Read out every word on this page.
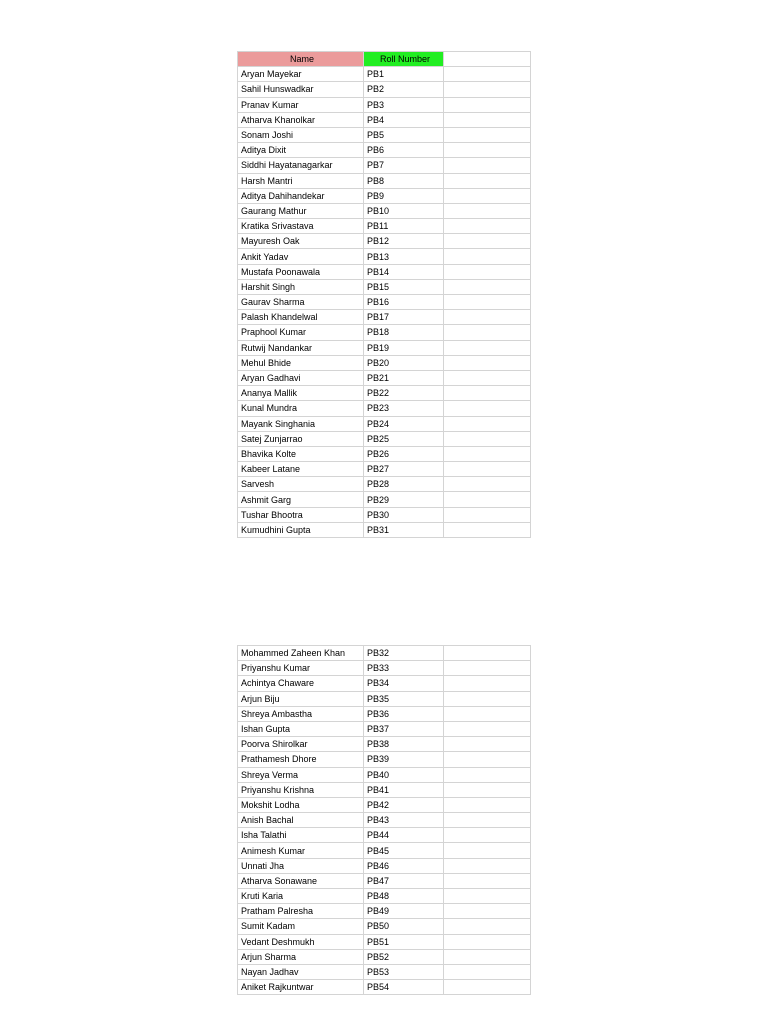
Name	Roll Number	
Aryan Mayekar	PB1	
Sahil Hunswadkar	PB2	
Pranav Kumar	PB3	
Atharva Khanolkar	PB4	
Sonam Joshi	PB5	
Aditya Dixit	PB6	
Siddhi Hayatanagarkar	PB7	
Harsh Mantri	PB8	
Aditya Dahihandekar	PB9	
Gaurang Mathur	PB10	
Kratika Srivastava	PB11	
Mayuresh Oak	PB12	
Ankit Yadav	PB13	
Mustafa Poonawala	PB14	
Harshit Singh	PB15	
Gaurav Sharma	PB16	
Palash Khandelwal	PB17	
Praphool Kumar	PB18	
Rutwij Nandankar	PB19	
Mehul Bhide	PB20	
Aryan Gadhavi	PB21	
Ananya Mallik	PB22	
Kunal Mundra	PB23	
Mayank Singhania	PB24	
Satej Zunjarrao	PB25	
Bhavika Kolte	PB26	
Kabeer Latane	PB27	
Sarvesh	PB28	
Ashmit Garg	PB29	
Tushar Bhootra	PB30	
Kumudhini Gupta	PB31	
Mohammed Zaheen Khan	PB32	
Priyanshu Kumar	PB33	
Achintya Chaware	PB34	
Arjun Biju	PB35	
Shreya Ambastha	PB36	
Ishan Gupta	PB37	
Poorva Shirolkar	PB38	
Prathamesh Dhore	PB39	
Shreya Verma	PB40	
Priyanshu Krishna	PB41	
Mokshit Lodha	PB42	
Anish Bachal	PB43	
Isha Talathi	PB44	
Animesh Kumar	PB45	
Unnati Jha	PB46	
Atharva Sonawane	PB47	
Kruti Karia	PB48	
Pratham Palresha	PB49	
Sumit Kadam	PB50	
Vedant Deshmukh	PB51	
Arjun Sharma	PB52	
Nayan Jadhav	PB53	
Aniket Rajkuntwar	PB54	
